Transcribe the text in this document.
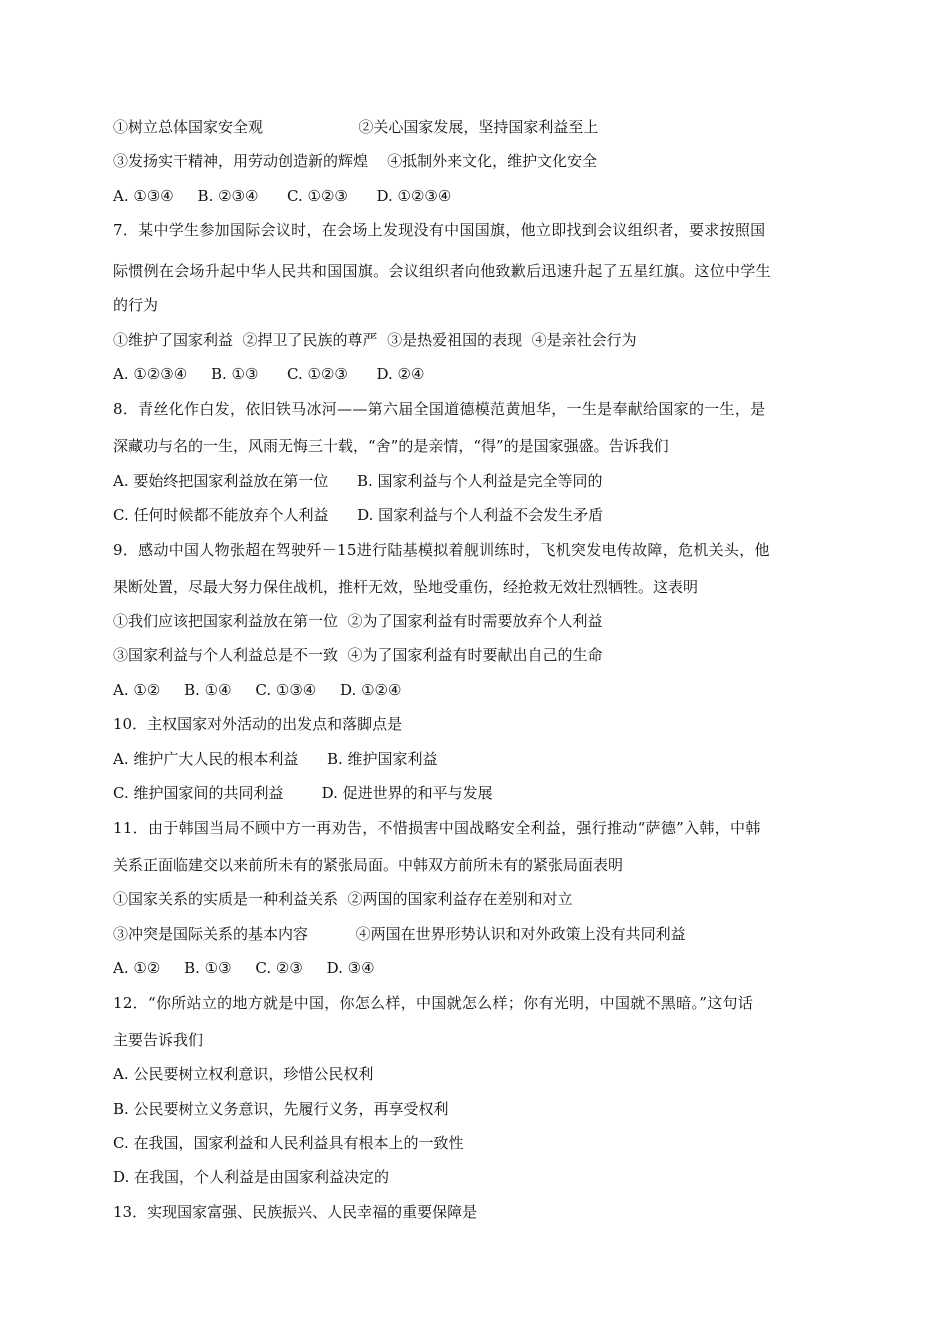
①树立总体国家安全观                    ②关心国家发展，坚持国家利益至上
③发扬实干精神，用劳动创造新的辉煌    ④抵制外来文化，维护文化安全
A. ①③④     B. ②③④      C. ①②③      D. ①②③④
7．某中学生参加国际会议时，在会场上发现没有中国国旗，他立即找到会议组织者，要求按照国
际惯例在会场升起中华人民共和国国旗。会议组织者向他致歉后迅速升起了五星红旗。这位中学生
的行为
①维护了国家利益  ②捍卫了民族的尊严  ③是热爱祖国的表现  ④是亲社会行为
A. ①②③④     B. ①③      C. ①②③      D. ②④
8．青丝化作白发，依旧铁马冰河——第六届全国道德模范黄旭华，一生是奉献给国家的一生，是
深藏功与名的一生，风雨无悔三十载，“舍”的是亲情，“得”的是国家强盛。告诉我们
A. 要始终把国家利益放在第一位      B. 国家利益与个人利益是完全等同的
C. 任何时候都不能放弃个人利益      D. 国家利益与个人利益不会发生矛盾
9．感动中国人物张超在驾驶歼－15进行陆基模拟着舰训练时，飞机突发电传故障，危机关头，他
果断处置，尽最大努力保住战机，推杆无效，坠地受重伤，经抢救无效壮烈牺牲。这表明
①我们应该把国家利益放在第一位  ②为了国家利益有时需要放弃个人利益
③国家利益与个人利益总是不一致  ④为了国家利益有时要献出自己的生命
A. ①②     B. ①④     C. ①③④     D. ①②④
10．主权国家对外活动的出发点和落脚点是
A. 维护广大人民的根本利益      B. 维护国家利益
C. 维护国家间的共同利益        D. 促进世界的和平与发展
11．由于韩国当局不顾中方一再劝告，不惜损害中国战略安全利益，强行推动“萨德”入韩，中韩
关系正面临建交以来前所未有的紧张局面。中韩双方前所未有的紧张局面表明
①国家关系的实质是一种利益关系  ②两国的国家利益存在差别和对立
③冲突是国际关系的基本内容          ④两国在世界形势认识和对外政策上没有共同利益
A. ①②     B. ①③     C. ②③     D. ③④
12．“你所站立的地方就是中国，你怎么样，中国就怎么样；你有光明，中国就不黑暗。”这句话
主要告诉我们
A. 公民要树立权利意识，珍惜公民权利
B. 公民要树立义务意识，先履行义务，再享受权利
C. 在我国，国家利益和人民利益具有根本上的一致性
D. 在我国，个人利益是由国家利益决定的
13．实现国家富强、民族振兴、人民幸福的重要保障是
